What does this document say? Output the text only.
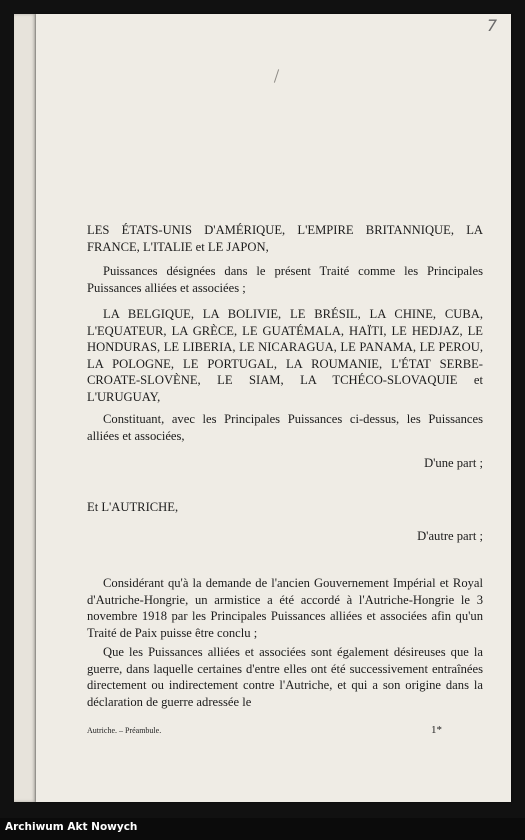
7

LES ÉTATS-UNIS D'AMÉRIQUE, L'EMPIRE BRITANNIQUE, LA FRANCE, L'ITALIE et LE JAPON,

Puissances désignées dans le présent Traité comme les Principales Puissances alliées et associées ;

LA BELGIQUE, LA BOLIVIE, LE BRÉSIL, LA CHINE, CUBA, L'EQUATEUR, LA GRÈCE, LE GUATÉMALA, HAÏTI, LE HEDJAZ, LE HONDURAS, LE LIBERIA, LE NICARAGUA, LE PANAMA, LE PEROU, LA POLOGNE, LE PORTUGAL, LA ROUMANIE, L'ÉTAT SERBE-CROATE-SLOVÈNE, LE SIAM, LA TCHÉCO-SLOVAQUIE et L'URUGUAY,

Constituant, avec les Principales Puissances ci-dessus, les Puissances alliées et associées,

D'une part ;

Et L'AUTRICHE,

D'autre part ;

Considérant qu'à la demande de l'ancien Gouvernement Impérial et Royal d'Autriche-Hongrie, un armistice a été accordé à l'Autriche-Hongrie le 3 novembre 1918 par les Principales Puissances alliées et associées afin qu'un Traité de Paix puisse être conclu ;

Que les Puissances alliées et associées sont également désireuses que la guerre, dans laquelle certaines d'entre elles ont été successivement entraînées directement ou indirectement contre l'Autriche, et qui a son origine dans la déclaration de guerre adressée le

Autriche. – Préambule.	1*
Archiwum Akt Nowych
